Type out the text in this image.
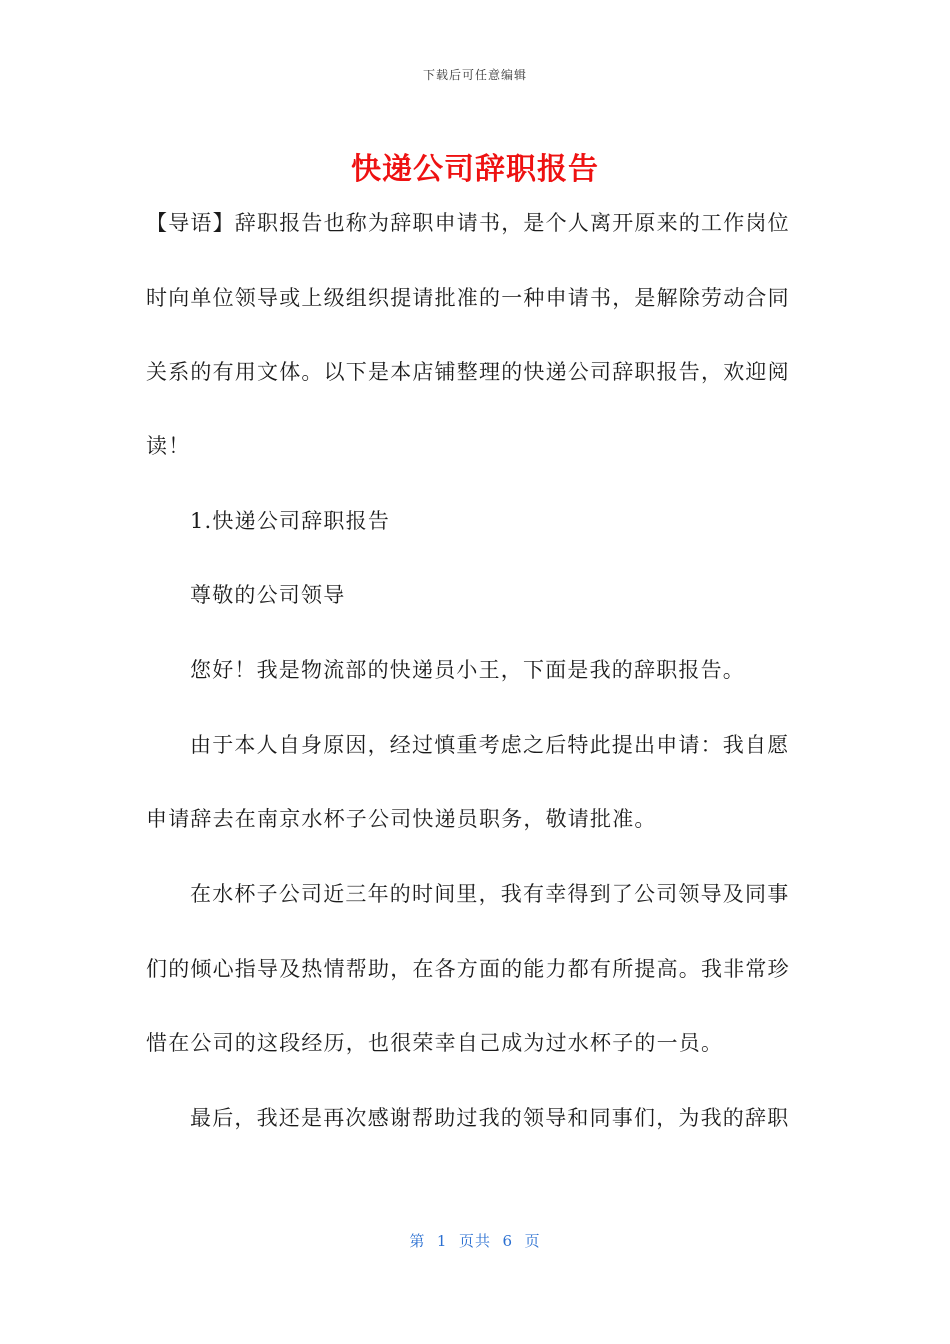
下载后可任意编辑
快递公司辞职报告

【导语】辞职报告也称为辞职申请书，是个人离开原来的工作岗位

时向单位领导或上级组织提请批准的一种申请书，是解除劳动合同

关系的有用文体。以下是本店铺整理的快递公司辞职报告，欢迎阅

读！

1.快递公司辞职报告

尊敬的公司领导

您好！我是物流部的快递员小王，下面是我的辞职报告。

由于本人自身原因，经过慎重考虑之后特此提出申请：我自愿

申请辞去在南京水杯子公司快递员职务，敬请批准。

在水杯子公司近三年的时间里，我有幸得到了公司领导及同事

们的倾心指导及热情帮助，在各方面的能力都有所提高。我非常珍

惜在公司的这段经历，也很荣幸自己成为过水杯子的一员。

最后，我还是再次感谢帮助过我的领导和同事们，为我的辞职

第  1  页共  6  页
